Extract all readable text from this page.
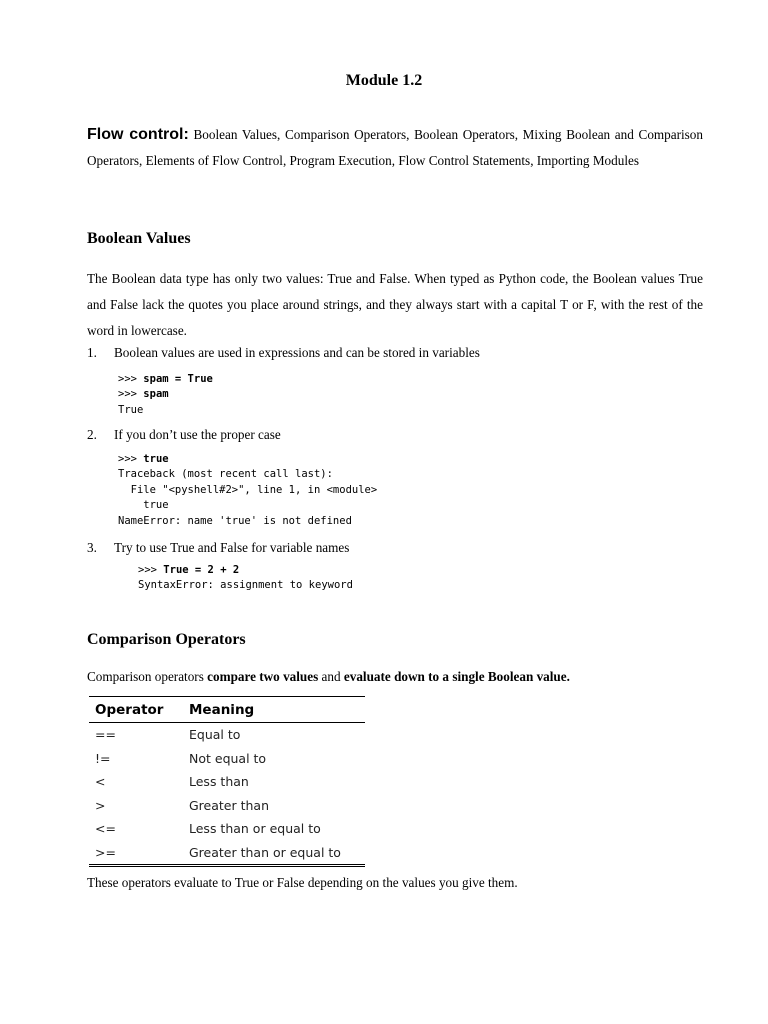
Module 1.2
Flow control: Boolean Values, Comparison Operators, Boolean Operators, Mixing Boolean and Comparison Operators, Elements of Flow Control, Program Execution, Flow Control Statements, Importing Modules
Boolean Values
The Boolean data type has only two values: True and False. When typed as Python code, the Boolean values True and False lack the quotes you place around strings, and they always start with a capital T or F, with the rest of the word in lowercase.
1. Boolean values are used in expressions and can be stored in variables
>>> spam = True
>>> spam
True
2. If you don’t use the proper case
>>> true
Traceback (most recent call last):
File "<pyshell#2>", line 1, in <module>
true
NameError: name 'true' is not defined
3. Try to use True and False for variable names
>>> True = 2 + 2
SyntaxError: assignment to keyword
Comparison Operators
Comparison operators compare two values and evaluate down to a single Boolean value.
Operator	Meaning
==	Equal to
!=	Not equal to
<	Less than
>	Greater than
<=	Less than or equal to
>=	Greater than or equal to
These operators evaluate to True or False depending on the values you give them.
